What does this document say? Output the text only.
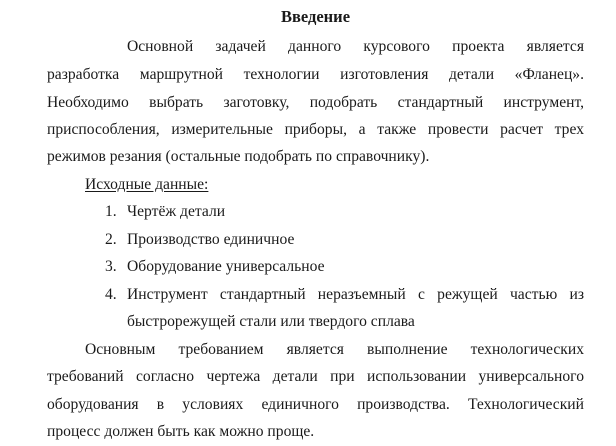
Введение
Основной задачей данного курсового проекта является
разработка маршрутной технологии изготовления детали «Фланец».
Необходимо выбрать заготовку, подобрать стандартный инструмент,
приспособления, измерительные приборы, а также провести расчет трех
режимов резания (остальные подобрать по справочнику).
Исходные данные:
1. Чертёж детали
2. Производство единичное
3. Оборудование универсальное
4. Инструмент стандартный неразъемный с режущей частью из
быстрорежущей стали или твердого сплава
Основным требованием является выполнение технологических
требований согласно чертежа детали при использовании универсального
оборудования в условиях единичного производства. Технологический
процесс должен быть как можно проще.
